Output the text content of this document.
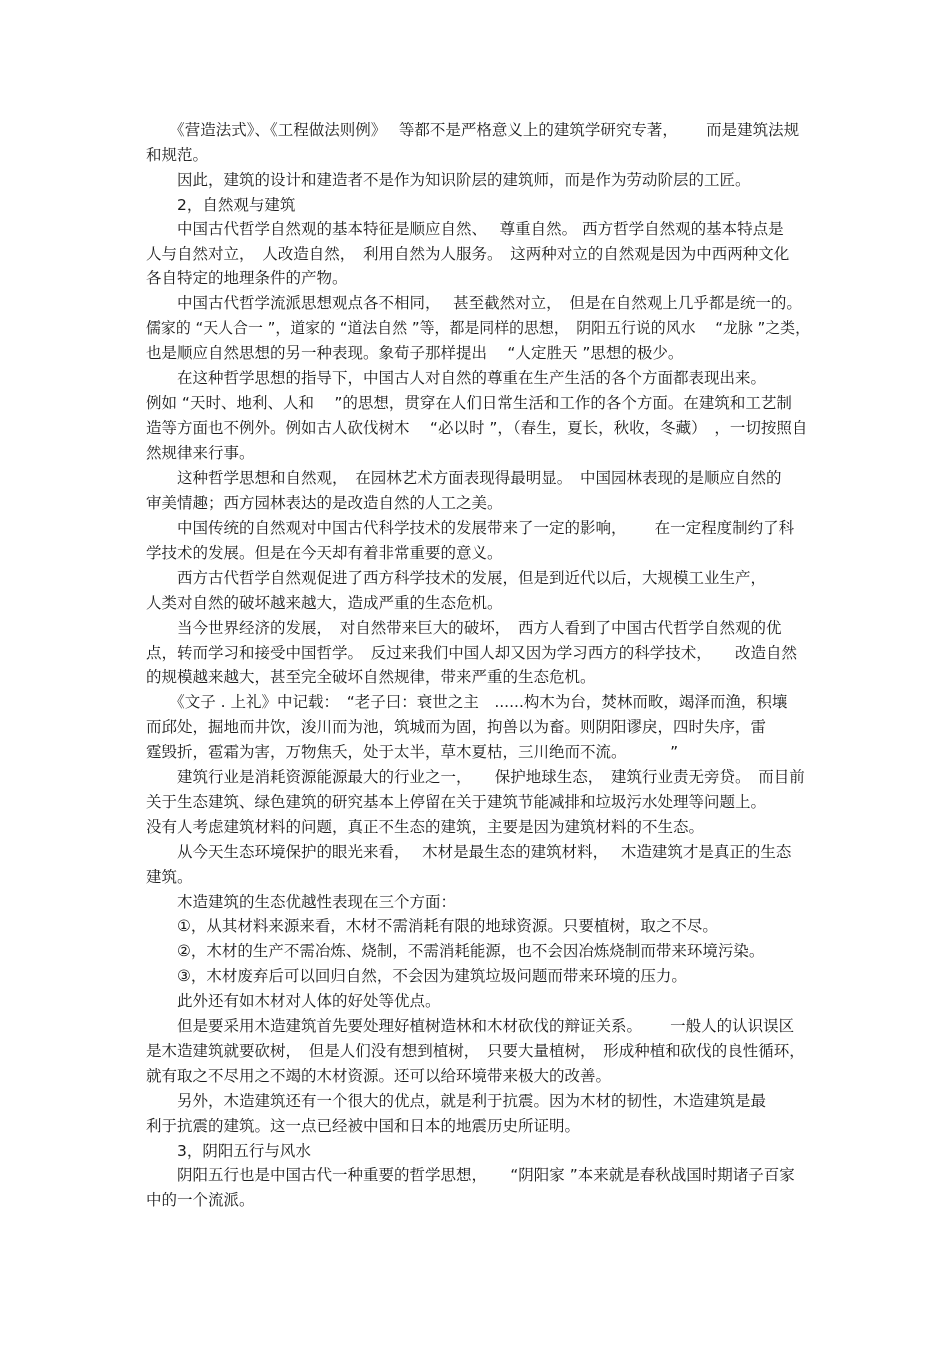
　　《营造法式》、《工程做法则例》　 等都不是严格意义上的建筑学研究专著，　　 而是建筑法规
和规范。
　　因此，建筑的设计和建造者不是作为知识阶层的建筑师，而是作为劳动阶层的工匠。
　　2，自然观与建筑
　　中国古代哲学自然观的基本特征是顺应自然、　 尊重自然。 西方哲学自然观的基本特点是
人与自然对立，　人改造自然，　利用自然为人服务。　这两种对立的自然观是因为中西两种文化
各自特定的地理条件的产物。
　　中国古代哲学流派思想观点各不相同，　 甚至截然对立，　但是在自然观上几乎都是统一的。
儒家的 “天人合一 ”，道家的 “道法自然 ”等，都是同样的思想，　阴阳五行说的风水　 “龙脉 ”之类，
也是顺应自然思想的另一种表现。象荀子那样提出　 “人定胜天 ”思想的极少。
　　在这种哲学思想的指导下，中国古人对自然的尊重在生产生活的各个方面都表现出来。
例如 “天时、地利、人和　 ”的思想，贯穿在人们日常生活和工作的各个方面。在建筑和工艺制
造等方面也不例外。例如古人砍伐树木　 “必以时 ”，（春生，夏长，秋收，冬藏）　，一切按照自
然规律来行事。
　　这种哲学思想和自然观，　在园林艺术方面表现得最明显。　中国园林表现的是顺应自然的
审美情趣；西方园林表达的是改造自然的人工之美。
　　中国传统的自然观对中国古代科学技术的发展带来了一定的影响，　　 在一定程度制约了科
学技术的发展。但是在今天却有着非常重要的意义。
　　西方古代哲学自然观促进了西方科学技术的发展，但是到近代以后，大规模工业生产，
人类对自然的破坏越来越大，造成严重的生态危机。
　　当今世界经济的发展，　对自然带来巨大的破坏，　西方人看到了中国古代哲学自然观的优
点，转而学习和接受中国哲学。　反过来我们中国人却又因为学习西方的科学技术，　　改造自然
的规模越来越大，甚至完全破坏自然规律，带来严重的生态危机。
　　《文子 . 上礼》中记载：　“老子曰：衰世之主　......构木为台，焚林而畋，竭泽而渔，积壤
而邱处，掘地而井饮，浚川而为池，筑城而为固，拘兽以为畜。则阴阳谬戾，四时失序，雷
霆毁折，雹霜为害，万物焦夭，处于太半，草木夏枯，三川绝而不流。　　　 ”
　　建筑行业是消耗资源能源最大的行业之一，　　保护地球生态，　建筑行业责无旁贷。　而目前
关于生态建筑、绿色建筑的研究基本上停留在关于建筑节能减排和垃圾污水处理等问题上。
没有人考虑建筑材料的问题，真正不生态的建筑，主要是因为建筑材料的不生态。
　　从今天生态环境保护的眼光来看，　 木材是最生态的建筑材料，　 木造建筑才是真正的生态
建筑。
　　木造建筑的生态优越性表现在三个方面：
　　①，从其材料来源来看，木材不需消耗有限的地球资源。只要植树，取之不尽。
　　②，木材的生产不需冶炼、烧制，不需消耗能源，也不会因冶炼烧制而带来环境污染。
　　③，木材废弃后可以回归自然，不会因为建筑垃圾问题而带来环境的压力。
　　此外还有如木材对人体的好处等优点。
　　但是要采用木造建筑首先要处理好植树造林和木材砍伐的辩证关系。　　 一般人的认识误区
是木造建筑就要砍树，　但是人们没有想到植树，　只要大量植树，　形成种植和砍伐的良性循环，
就有取之不尽用之不竭的木材资源。还可以给环境带来极大的改善。
　　另外，木造建筑还有一个很大的优点，就是利于抗震。因为木材的韧性，木造建筑是最
利于抗震的建筑。这一点已经被中国和日本的地震历史所证明。
　　3，阴阳五行与风水
　　阴阳五行也是中国古代一种重要的哲学思想，　　“阴阳家 ”本来就是春秋战国时期诸子百家
中的一个流派。
